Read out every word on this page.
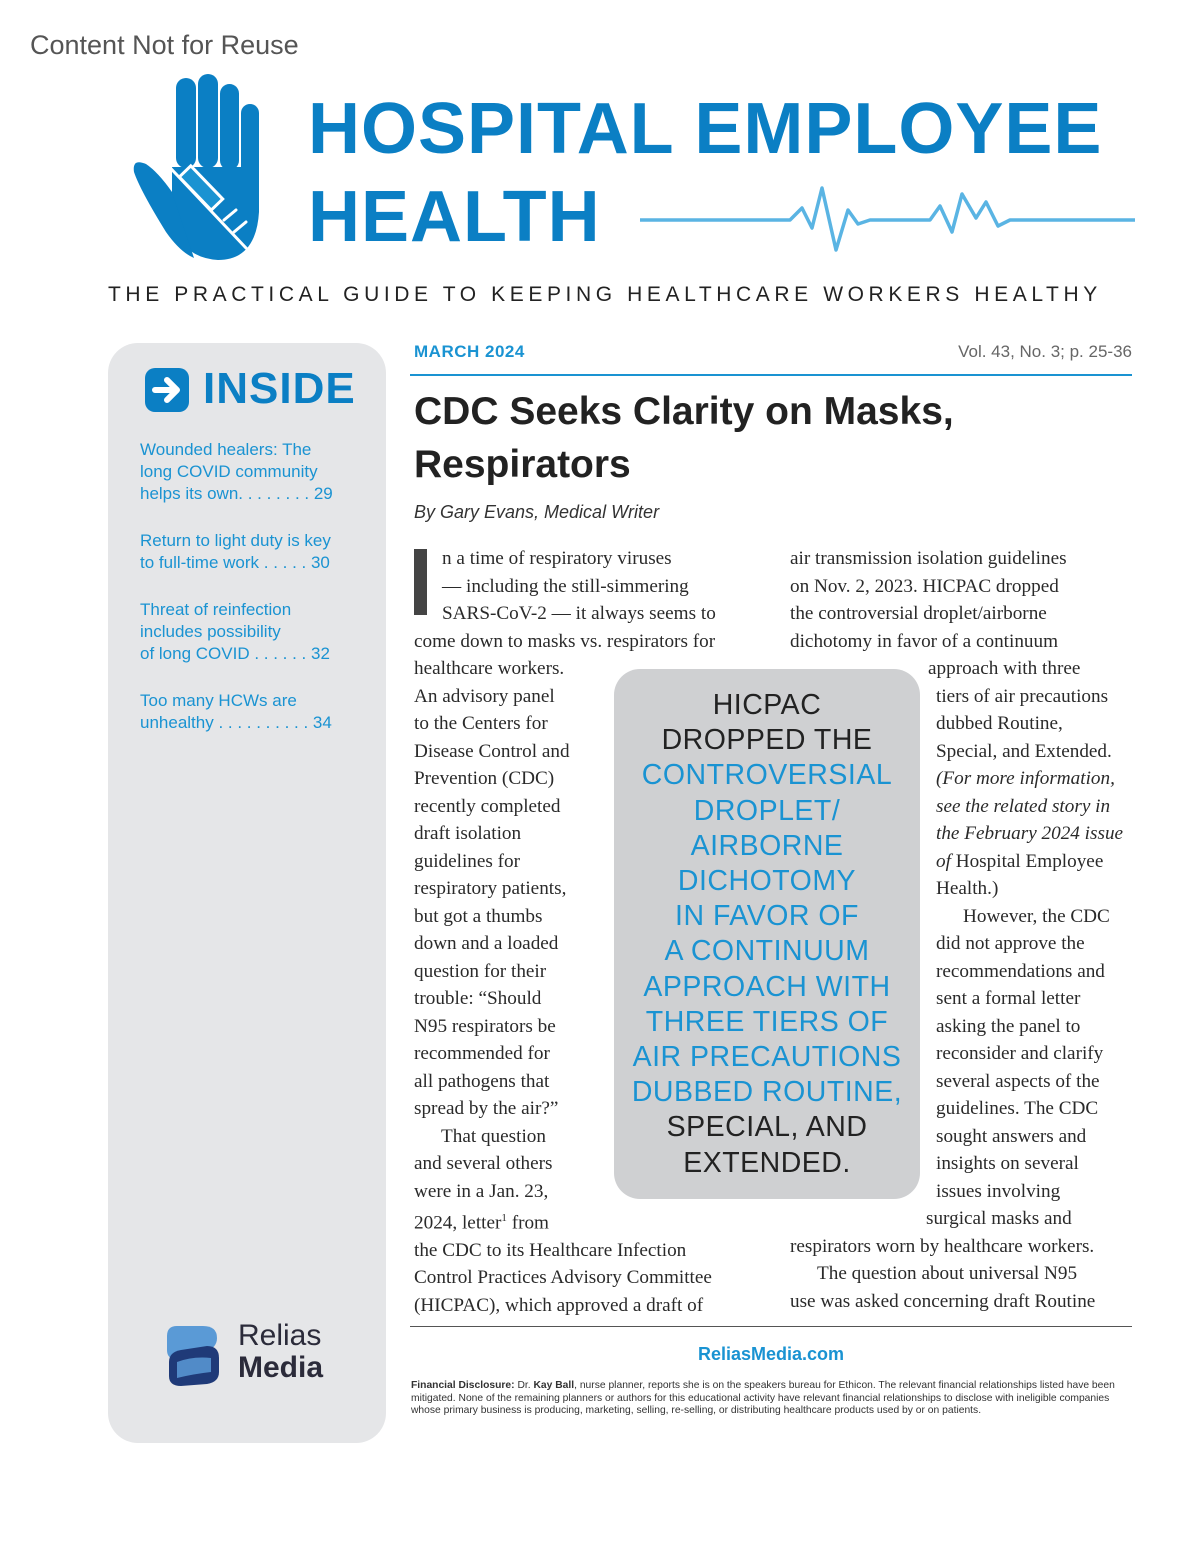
Content Not for Reuse
HOSPITAL EMPLOYEE
HEALTH
THE PRACTICAL GUIDE TO KEEPING HEALTHCARE WORKERS HEALTHY
INSIDE
Wounded healers: The
long COVID community
helps its own. . . . . . . . 29
Return to light duty is key
to full-time work . . . . . 30
Threat of reinfection
includes possibility
of long COVID . . . . . . 32
Too many HCWs are
unhealthy . . . . . . . . . . 34
Relias
Media
MARCH 2024	Vol. 43, No. 3; p. 25-36
CDC Seeks Clarity on Masks,
Respirators
By Gary Evans, Medical Writer

n a time of respiratory viruses

— including the still-simmering

SARS-CoV-2 — it always seems to

come down to masks vs. respirators for

healthcare workers.

An advisory panel

to the Centers for

Disease Control and

Prevention (CDC)

recently completed

draft isolation

guidelines for

respiratory patients,

but got a thumbs

down and a loaded

question for their

trouble: “Should

N95 respirators be

recommended for

all pathogens that

spread by the air?”

That question

and several others

were in a Jan. 23,

2024, letter$^1$ from

the CDC to its Healthcare Infection

Control Practices Advisory Committee

(HICPAC), which approved a draft of

air transmission isolation guidelines

on Nov. 2, 2023. HICPAC dropped

the controversial droplet/airborne

dichotomy in favor of a continuum

approach with three

tiers of air precautions

dubbed Routine,

Special, and Extended.

(For more information,

see the related story in

the February 2024 issue

of Hospital Employee

Health.)

However, the CDC

did not approve the

recommendations and

sent a formal letter

asking the panel to

reconsider and clarify

several aspects of the

guidelines. The CDC

sought answers and

insights on several

issues involving

surgical masks and

respirators worn by healthcare workers.

The question about universal N95

use was asked concerning draft Routine

HICPAC
DROPPED THE
CONTROVERSIAL
DROPLET/
AIRBORNE
DICHOTOMY
IN FAVOR OF
A CONTINUUM
APPROACH WITH
THREE TIERS OF
AIR PRECAUTIONS
DUBBED ROUTINE,
SPECIAL, AND
EXTENDED.
ReliasMedia.com
Financial Disclosure: Dr. Kay Ball, nurse planner, reports she is on the speakers bureau for Ethicon. The relevant financial relationships listed have been mitigated. None of the remaining planners or authors for this educational activity have relevant financial relationships to disclose with ineligible companies whose primary business is producing, marketing, selling, re-selling, or distributing healthcare products used by or on patients.
